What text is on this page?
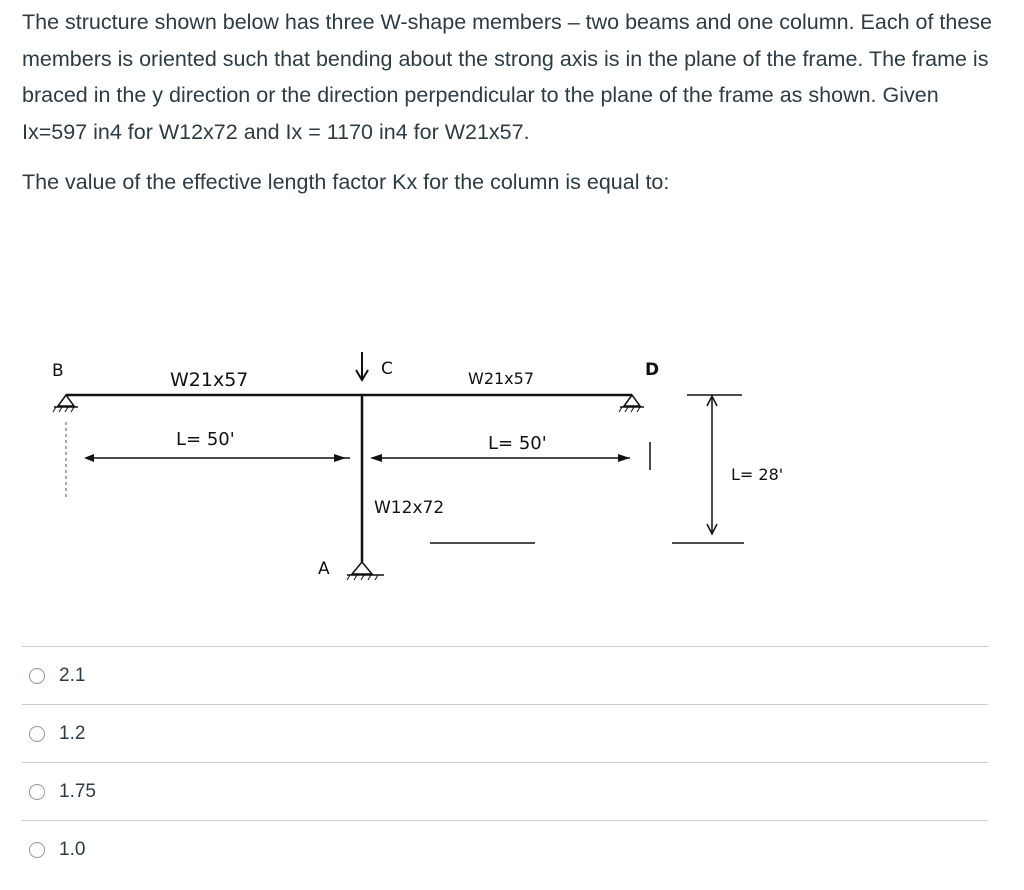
The structure shown below has three W-shape members – two beams and one column. Each of these members is oriented such that bending about the strong axis is in the plane of the frame. The frame is braced in the y direction or the direction perpendicular to the plane of the frame as shown. Given Ix=597 in4 for W12x72 and Ix = 1170 in4 for W21x57.

The value of the effective length factor Kx for the column is equal to:

B	C	D
A
W21x57	W21x57
L= 50'	L= 50'
W12x72
L= 28'
2.1
1.2
1.75
1.0
